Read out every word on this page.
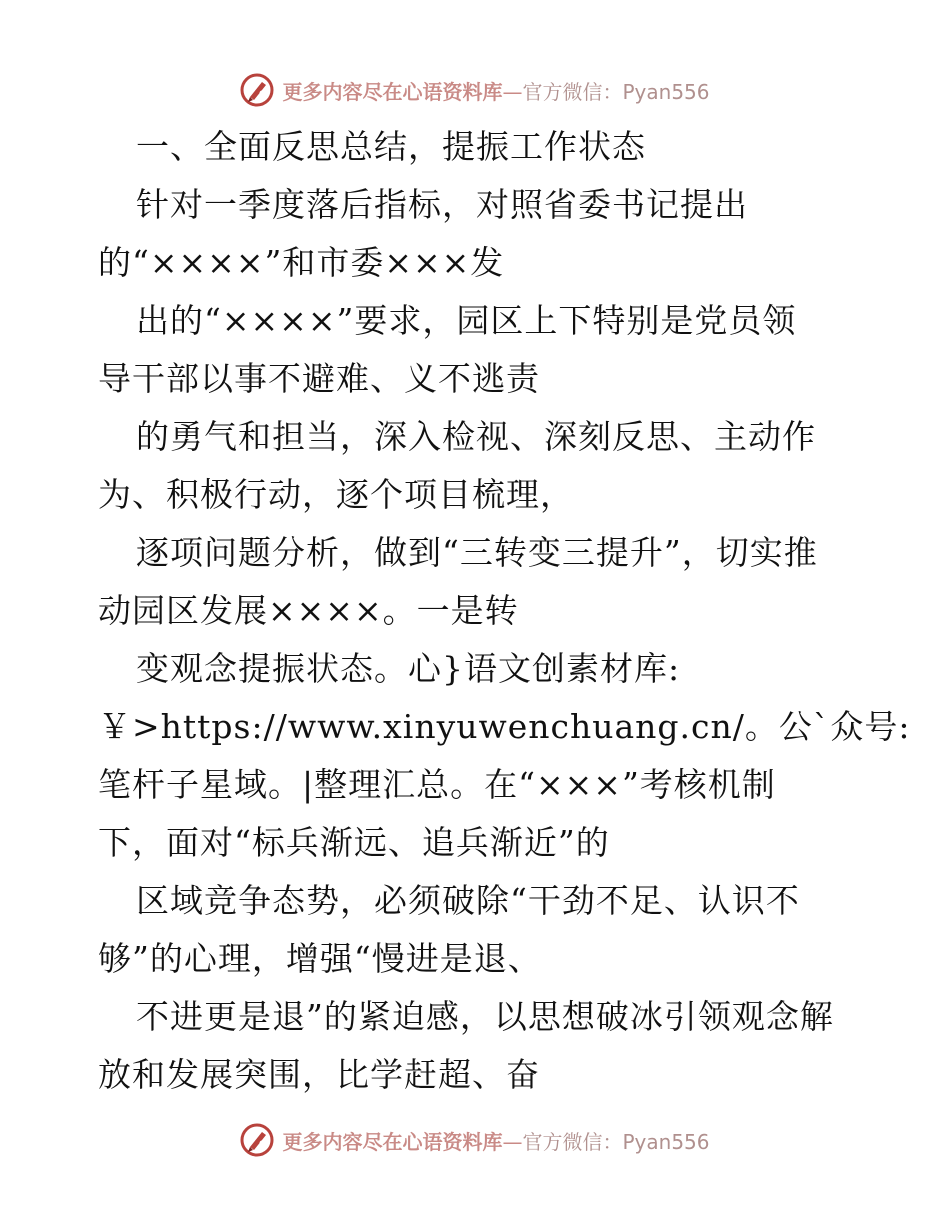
更多内容尽在心语资料库—官方微信：Pyan556
一、全面反思总结，提振工作状态
针对一季度落后指标，对照省委书记提出
的“××××”和市委×××发
出的“××××”要求，园区上下特别是党员领
导干部以事不避难、义不逃责
的勇气和担当，深入检视、深刻反思、主动作
为、积极行动，逐个项目梳理，
逐项问题分析，做到“三转变三提升”，切实推
动园区发展××××。一是转
变观念提振状态。心}语文创素材库:
￥>https://www.xinyuwenchuang.cn/。公`众号:
笔杆子星域。|整理汇总。在“×××”考核机制
下，面对“标兵渐远、追兵渐近”的
区域竞争态势，必须破除“干劲不足、认识不
够”的心理，增强“慢进是退、
不进更是退”的紧迫感，以思想破冰引领观念解
放和发展突围，比学赶超、奋
更多内容尽在心语资料库—官方微信：Pyan556
